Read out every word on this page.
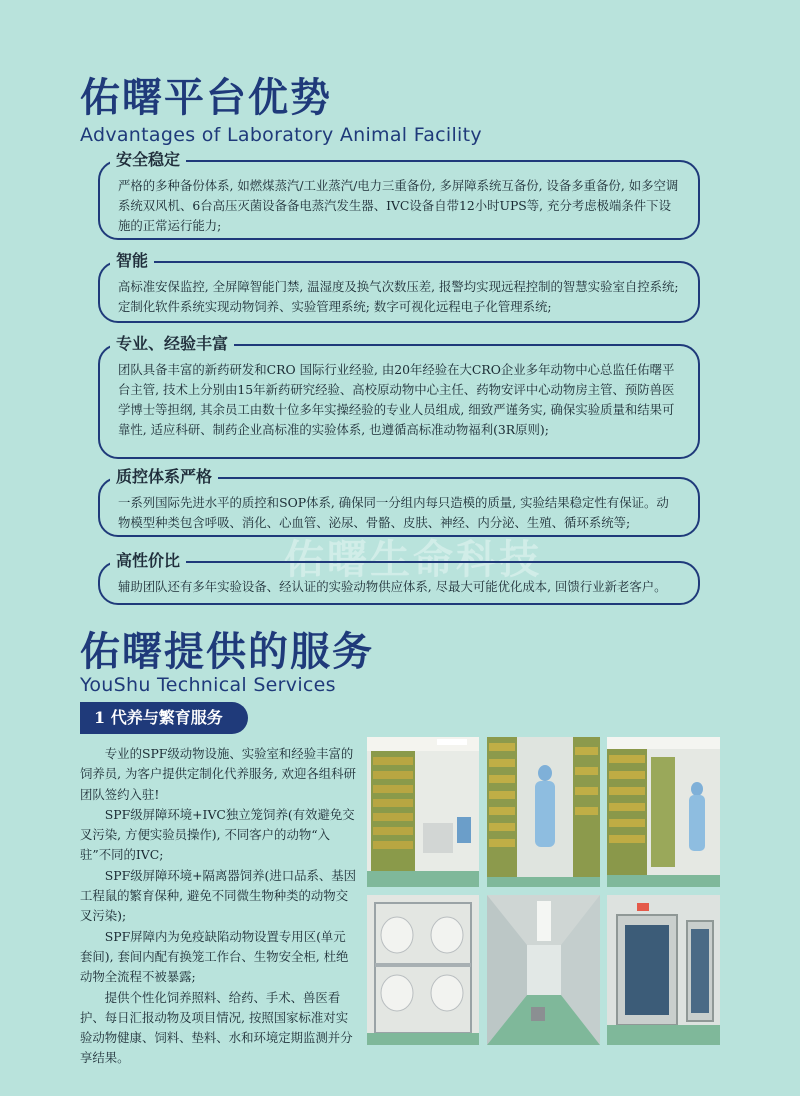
佑曙平台优势
Advantages of Laboratory Animal Facility
安全稳定
严格的多种备份体系, 如燃煤蒸汽/工业蒸汽/电力三重备份, 多屏障系统互备份, 设备多重备份, 如多空调系统双风机、6台高压灭菌设备备电蒸汽发生器、IVC设备自带12小时UPS等, 充分考虑极端条件下设施的正常运行能力;
智能
高标准安保监控, 全屏障智能门禁, 温湿度及换气次数压差, 报警均实现远程控制的智慧实验室自控系统; 定制化软件系统实现动物饲养、实验管理系统; 数字可视化远程电子化管理系统;
专业、经验丰富
团队具备丰富的新药研发和CRO 国际行业经验, 由20年经验在大CRO企业多年动物中心总监任佑曙平台主管, 技术上分别由15年新药研究经验、高校原动物中心主任、药物安评中心动物房主管、预防兽医学博士等担纲, 其余员工由数十位多年实操经验的专业人员组成, 细致严谨务实, 确保实验质量和结果可靠性, 适应科研、制药企业高标准的实验体系, 也遵循高标准动物福利(3R原则);
质控体系严格
一系列国际先进水平的质控和SOP体系, 确保同一分组内每只造模的质量, 实验结果稳定性有保证。动物模型种类包含呼吸、消化、心血管、泌尿、骨骼、皮肤、神经、内分泌、生殖、循环系统等;
佑曙生命科技
高性价比
辅助团队还有多年实验设备、经认证的实验动物供应体系, 尽最大可能优化成本, 回馈行业新老客户。
佑曙提供的服务
YouShu Technical Services
1 代养与繁育服务

专业的SPF级动物设施、实验室和经验丰富的饲养员, 为客户提供定制化代养服务, 欢迎各组科研团队签约入驻!

SPF级屏障环境+IVC独立笼饲养(有效避免交叉污染, 方便实验员操作), 不同客户的动物“入驻”不同的IVC;

SPF级屏障环境+隔离器饲养(进口品系、基因工程鼠的繁育保种, 避免不同微生物种类的动物交叉污染);

SPF屏障内为免疫缺陷动物设置专用区(单元套间), 套间内配有换笼工作台、生物安全柜, 杜绝动物全流程不被暴露;

提供个性化饲养照料、给药、手术、兽医看护、每日汇报动物及项目情况, 按照国家标准对实验动物健康、饲料、垫料、水和环境定期监测并分享结果。
